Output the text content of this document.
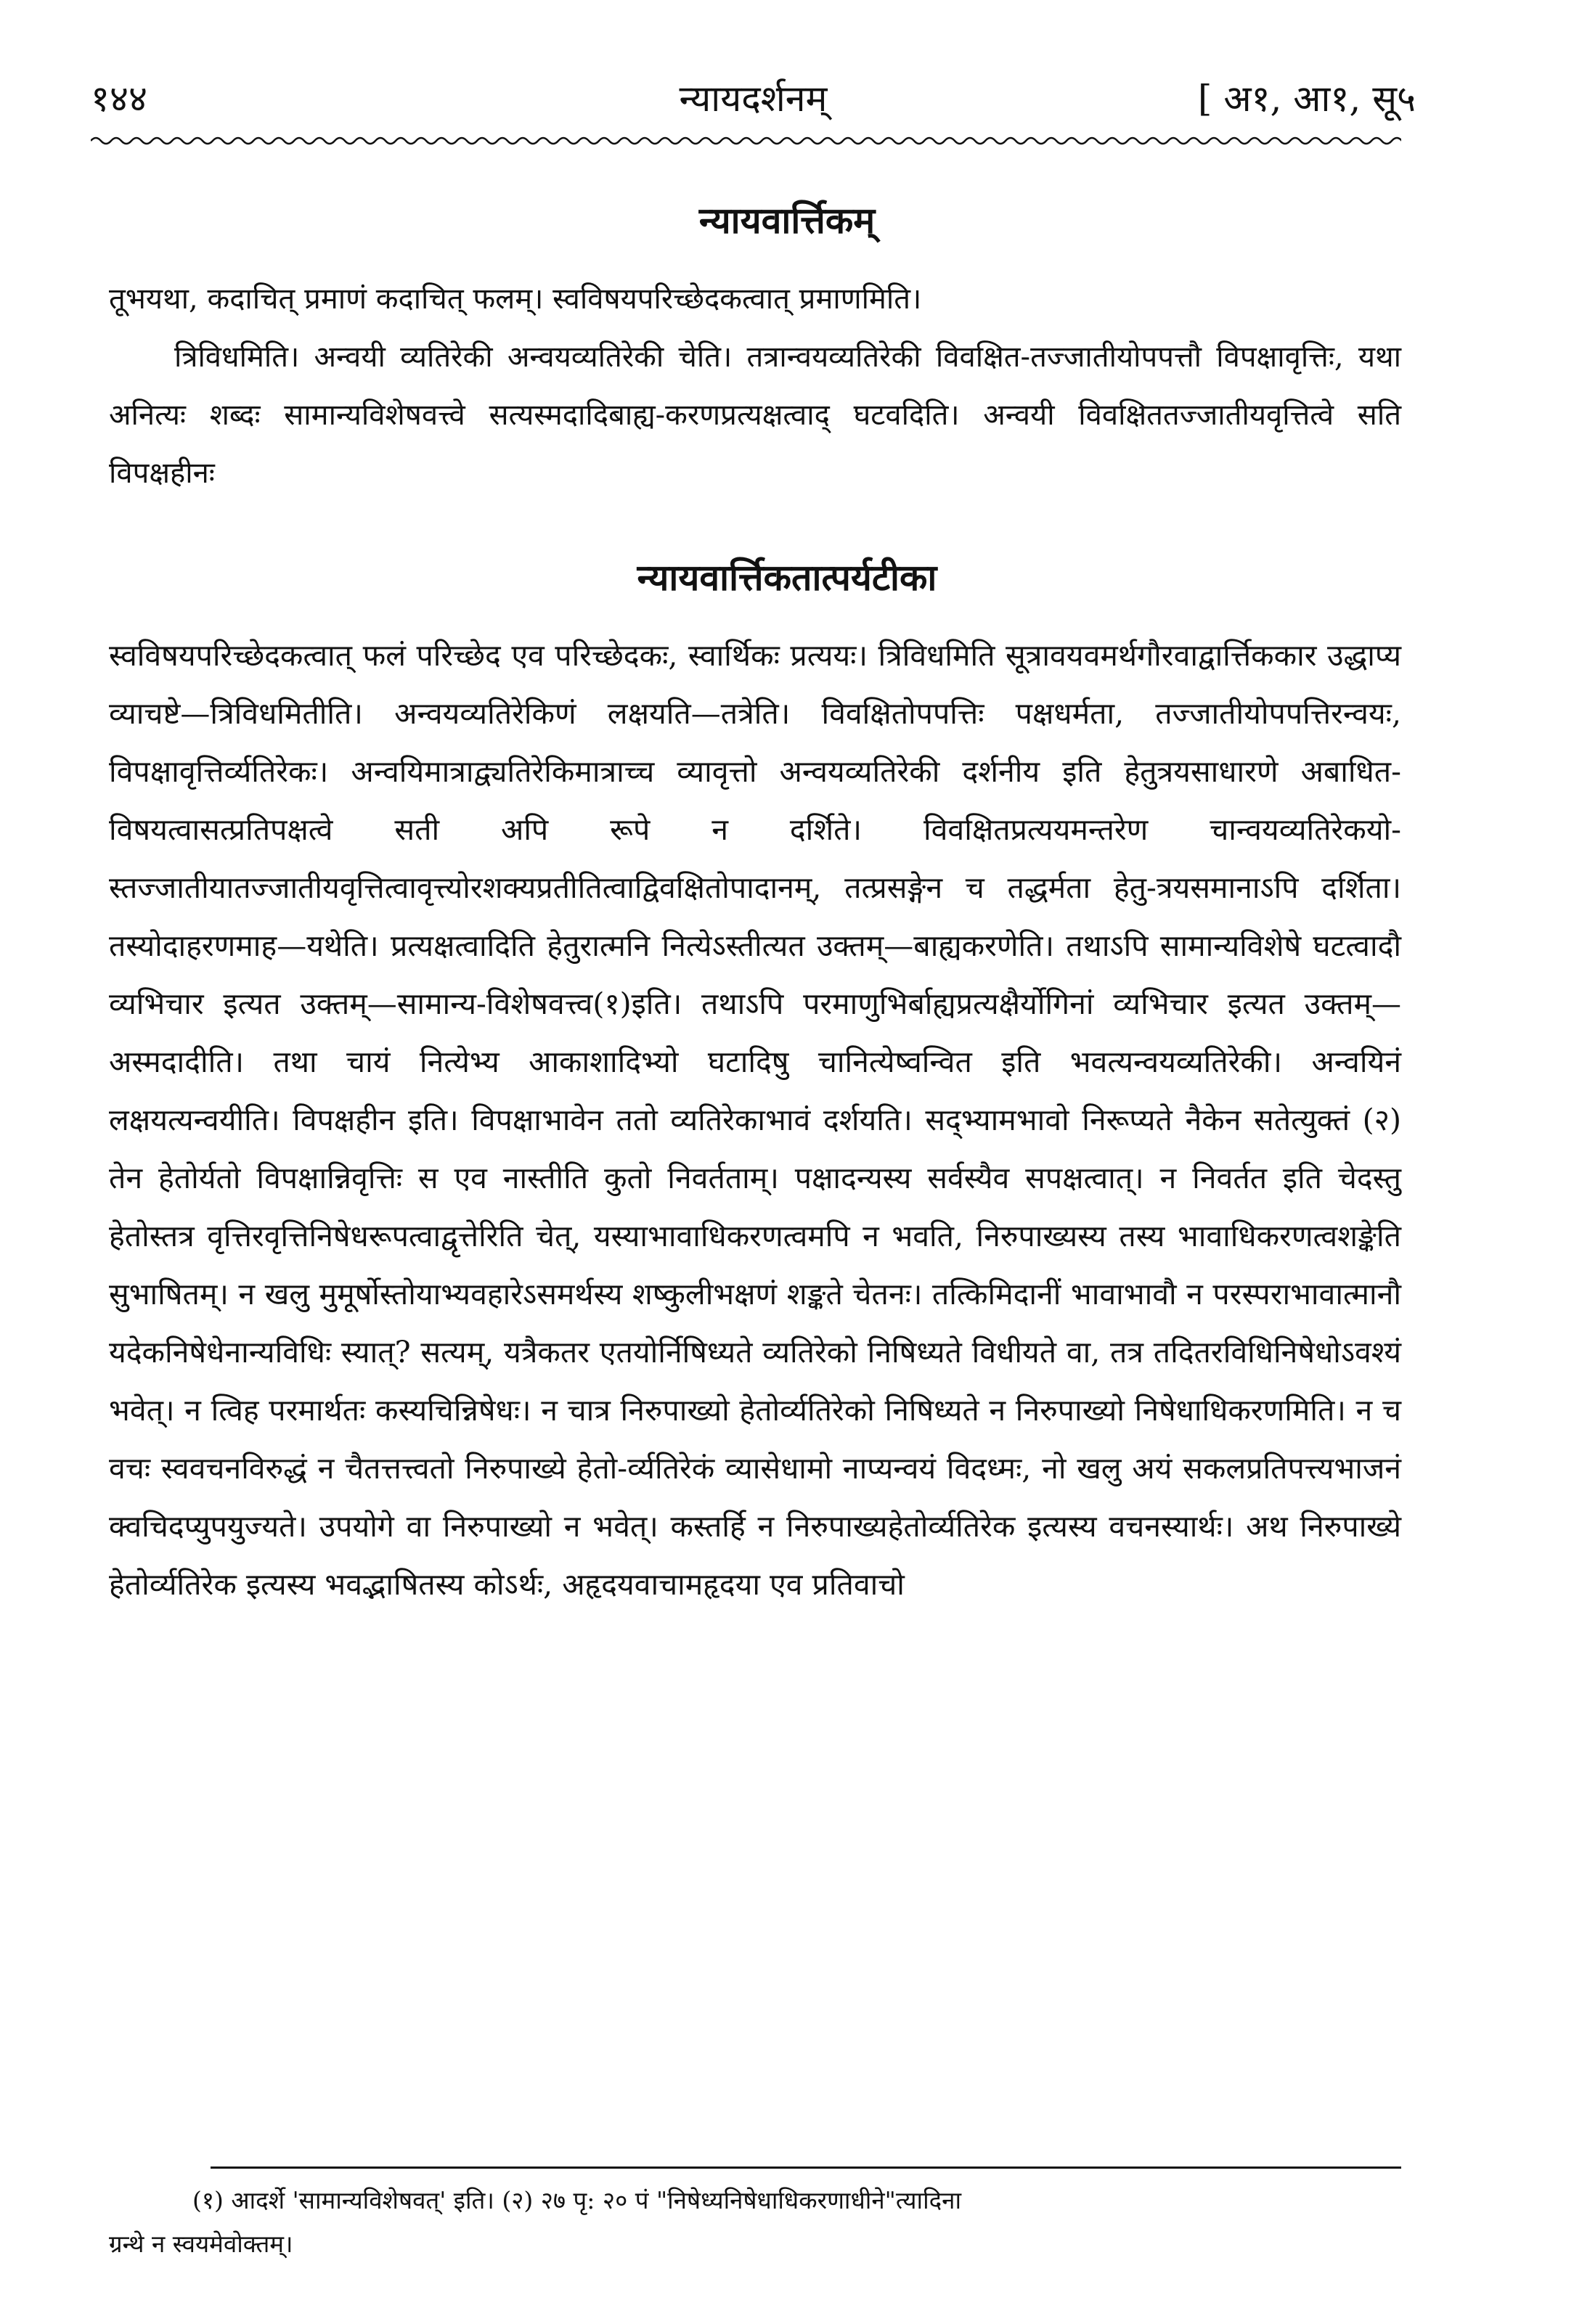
१४४	न्यायदर्शनम्	[ अ१, आ१, सू५
न्यायवार्त्तिकम्
तूभयथा, कदाचित् प्रमाणं कदाचित् फलम्। स्वविषयपरिच्छेदकत्वात् प्रमाणमिति।
त्रिविधमिति। अन्वयी व्यतिरेकी अन्वयव्यतिरेकी चेति। तत्रान्वयव्यतिरेकी विवक्षित-तज्जातीयोपपत्तौ विपक्षावृत्तिः, यथा अनित्यः शब्दः सामान्यविशेषवत्त्वे सत्यस्मदादिबाह्य-करणप्रत्यक्षत्वाद् घटवदिति। अन्वयी विवक्षिततज्जातीयवृत्तित्वे सति विपक्षहीनः
न्यायवार्त्तिकतात्पर्यटीका
स्वविषयपरिच्छेदकत्वात् फलं परिच्छेद एव परिच्छेदकः, स्वार्थिकः प्रत्ययः। त्रिविधमिति सूत्रावयवमर्थगौरवाद्वार्त्तिककार उद्धाप्य व्याचष्टे—त्रिविधमितीति। अन्वयव्यतिरेकिणं लक्षयति—तत्रेति। विवक्षितोपपत्तिः पक्षधर्मता, तज्जातीयोपपत्तिरन्वयः, विपक्षावृत्तिर्व्यतिरेकः। अन्वयिमात्राद्व्यतिरेकिमात्राच्च व्यावृत्तो अन्वयव्यतिरेकी दर्शनीय इति हेतुत्रयसाधारणे अबाधित-विषयत्वासत्प्रतिपक्षत्वे सती अपि रूपे न दर्शिते। विवक्षितप्रत्ययमन्तरेण चान्वयव्यतिरेकयो-स्तज्जातीयातज्जातीयवृत्तित्वावृत्त्योरशक्यप्रतीतित्वाद्विवक्षितोपादानम्, तत्प्रसङ्गेन च तद्धर्मता हेतु-त्रयसमानाऽपि दर्शिता। तस्योदाहरणमाह—यथेति। प्रत्यक्षत्वादिति हेतुरात्मनि नित्येऽस्तीत्यत उक्तम्—बाह्यकरणेति। तथाऽपि सामान्यविशेषे घटत्वादौ व्यभिचार इत्यत उक्तम्—सामान्य-विशेषवत्त्व(१)इति। तथाऽपि परमाणुभिर्बाह्यप्रत्यक्षैर्योगिनां व्यभिचार इत्यत उक्तम्—अस्मदादीति। तथा चायं नित्येभ्य आकाशादिभ्यो घटादिषु चानित्येष्वन्वित इति भवत्यन्वयव्यतिरेकी। अन्वयिनं लक्षयत्यन्वयीति। विपक्षहीन इति। विपक्षाभावेन ततो व्यतिरेकाभावं दर्शयति। सद्भ्यामभावो निरूप्यते नैकेन सतेत्युक्तं (२) तेन हेतोर्यतो विपक्षान्निवृत्तिः स एव नास्तीति कुतो निवर्तताम्। पक्षादन्यस्य सर्वस्यैव सपक्षत्वात्। न निवर्तत इति चेदस्तु हेतोस्तत्र वृत्तिरवृत्तिनिषेधरूपत्वाद्वृत्तेरिति चेत्, यस्याभावाधिकरणत्वमपि न भवति, निरुपाख्यस्य तस्य भावाधिकरणत्वशङ्केति सुभाषितम्। न खलु मुमूर्षोस्तोयाभ्यवहारेऽसमर्थस्य शष्कुलीभक्षणं शङ्कते चेतनः। तत्किमिदानीं भावाभावौ न परस्पराभावात्मानौ यदेकनिषेधेनान्यविधिः स्यात्? सत्यम्, यत्रैकतर एतयोर्निषिध्यते व्यतिरेको निषिध्यते विधीयते वा, तत्र तदितरविधिनिषेधोऽवश्यं भवेत्। न त्विह परमार्थतः कस्यचिन्निषेधः। न चात्र निरुपाख्यो हेतोर्व्यतिरेको निषिध्यते न निरुपाख्यो निषेधाधिकरणमिति। न च वचः स्ववचनविरुद्धं न चैतत्तत्त्वतो निरुपाख्ये हेतो-र्व्यतिरेकं व्यासेधामो नाप्यन्वयं विदध्मः, नो खलु अयं सकलप्रतिपत्त्यभाजनं क्वचिदप्युपयुज्यते। उपयोगे वा निरुपाख्यो न भवेत्। कस्तर्हि न निरुपाख्यहेतोर्व्यतिरेक इत्यस्य वचनस्यार्थः। अथ निरुपाख्ये हेतोर्व्यतिरेक इत्यस्य भवद्भाषितस्य कोऽर्थः, अहृदयवाचामहृदया एव प्रतिवाचो
(१) आदर्शे 'सामान्यविशेषवत्' इति। (२) २७ पृ: २० पं "निषेध्यनिषेधाधिकरणाधीने"त्यादिना
ग्रन्थे न स्वयमेवोक्तम्।
